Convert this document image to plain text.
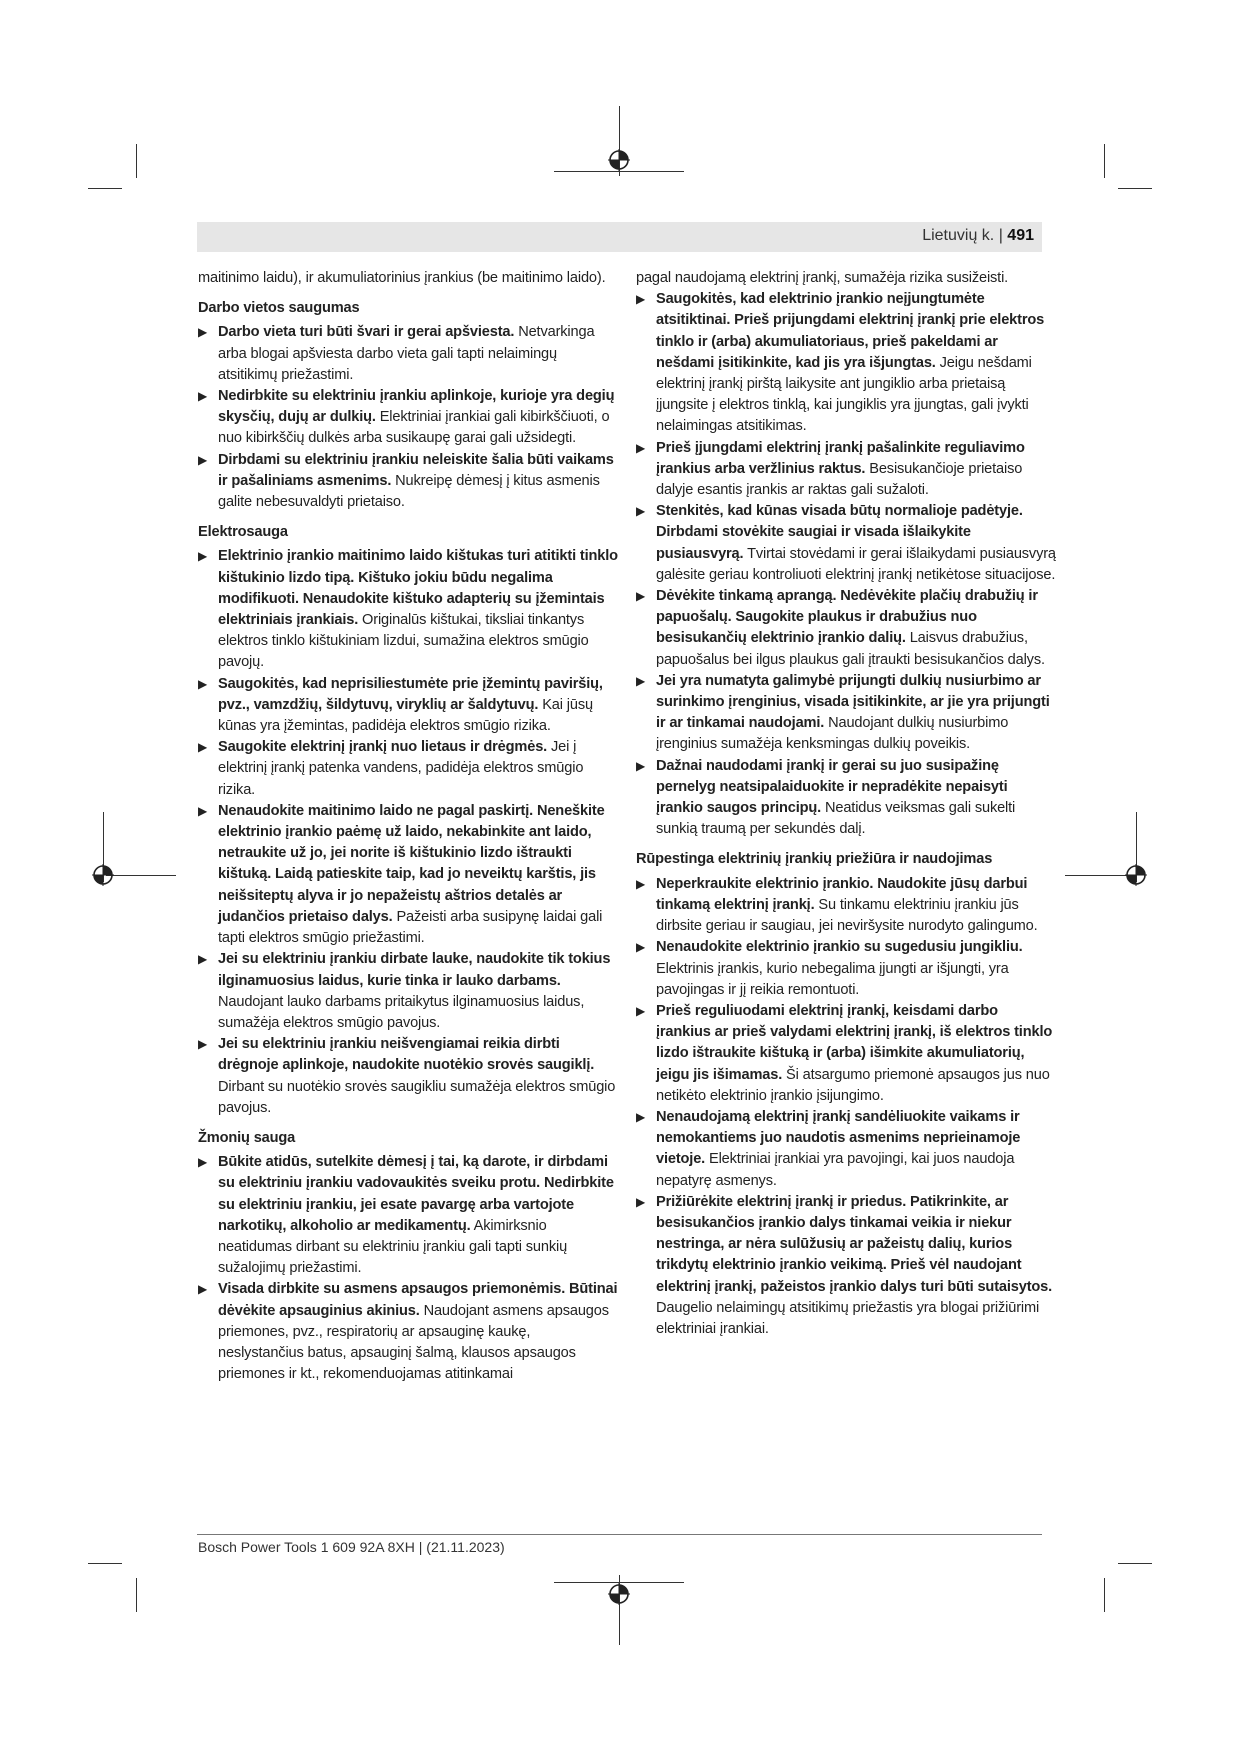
Lietuvių k. | 491

maitinimo laidu), ir akumuliatorinius įrankius (be maitinimo laido).

Darbo vietos saugumas

▶ Darbo vieta turi būti švari ir gerai apšviesta. Netvarkinga arba blogai apšviesta darbo vieta gali tapti nelaimingų atsitikimų priežastimi.

▶ Nedirbkite su elektriniu įrankiu aplinkoje, kurioje yra degių skysčių, dujų ar dulkių. Elektriniai įrankiai gali kibirkščiuoti, o nuo kibirkščių dulkės arba susikaupę garai gali užsidegti.

▶ Dirbdami su elektriniu įrankiu neleiskite šalia būti vaikams ir pašaliniams asmenims. Nukreipę dėmesį į kitus asmenis galite nebesuvaldyti prietaiso.

Elektrosauga

▶ Elektrinio įrankio maitinimo laido kištukas turi atitikti tinklo kištukinio lizdo tipą. Kištuko jokiu būdu negalima modifikuoti. Nenaudokite kištuko adapterių su įžemintais elektriniais įrankiais. Originalūs kištukai, tiksliai tinkantys elektros tinklo kištukiniam lizdui, sumažina elektros smūgio pavojų.

▶ Saugokitės, kad neprisiliestumėte prie įžemintų paviršių, pvz., vamzdžių, šildytuvų, viryklių ar šaldytuvų. Kai jūsų kūnas yra įžemintas, padidėja elektros smūgio rizika.

▶ Saugokite elektrinį įrankį nuo lietaus ir drėgmės. Jei į elektrinį įrankį patenka vandens, padidėja elektros smūgio rizika.

▶ Nenaudokite maitinimo laido ne pagal paskirtį. Neneškite elektrinio įrankio paėmę už laido, nekabinkite ant laido, netraukite už jo, jei norite iš kištukinio lizdo ištraukti kištuką. Laidą patieskite taip, kad jo neveiktų karštis, jis neišsiteptų alyva ir jo nepažeistų aštrios detalės ar judančios prietaiso dalys. Pažeisti arba susipynę laidai gali tapti elektros smūgio priežastimi.

▶ Jei su elektriniu įrankiu dirbate lauke, naudokite tik tokius ilginamuosius laidus, kurie tinka ir lauko darbams. Naudojant lauko darbams pritaikytus ilginamuosius laidus, sumažėja elektros smūgio pavojus.

▶ Jei su elektriniu įrankiu neišvengiamai reikia dirbti drėgnoje aplinkoje, naudokite nuotėkio srovės saugiklį. Dirbant su nuotėkio srovės saugikliu sumažėja elektros smūgio pavojus.

Žmonių sauga

▶ Būkite atidūs, sutelkite dėmesį į tai, ką darote, ir dirbdami su elektriniu įrankiu vadovaukitės sveiku protu. Nedirbkite su elektriniu įrankiu, jei esate pavargę arba vartojote narkotikų, alkoholio ar medikamentų. Akimirksnio neatidumas dirbant su elektriniu įrankiu gali tapti sunkių sužalojimų priežastimi.

▶ Visada dirbkite su asmens apsaugos priemonėmis. Būtinai dėvėkite apsauginius akinius. Naudojant asmens apsaugos priemones, pvz., respiratorių ar apsauginę kaukę, neslystančius batus, apsauginį šalmą, klausos apsaugos priemones ir kt., rekomenduojamas atitinkamai

pagal naudojamą elektrinį įrankį, sumažėja rizika susižeisti.

▶ Saugokitės, kad elektrinio įrankio neįjungtumėte atsitiktinai. Prieš prijungdami elektrinį įrankį prie elektros tinklo ir (arba) akumuliatoriaus, prieš pakeldami ar nešdami įsitikinkite, kad jis yra išjungtas. Jeigu nešdami elektrinį įrankį pirštą laikysite ant jungiklio arba prietaisą įjungsite į elektros tinklą, kai jungiklis yra įjungtas, gali įvykti nelaimingas atsitikimas.

▶ Prieš įjungdami elektrinį įrankį pašalinkite reguliavimo įrankius arba veržlinius raktus. Besisukančioje prietaiso dalyje esantis įrankis ar raktas gali sužaloti.

▶ Stenkitės, kad kūnas visada būtų normalioje padėtyje. Dirbdami stovėkite saugiai ir visada išlaikykite pusiausvyrą. Tvirtai stovėdami ir gerai išlaikydami pusiausvyrą galėsite geriau kontroliuoti elektrinį įrankį netikėtose situacijose.

▶ Dėvėkite tinkamą aprangą. Nedėvėkite plačių drabužių ir papuošalų. Saugokite plaukus ir drabužius nuo besisukančių elektrinio įrankio dalių. Laisvus drabužius, papuošalus bei ilgus plaukus gali įtraukti besisukančios dalys.

▶ Jei yra numatyta galimybė prijungti dulkių nusiurbimo ar surinkimo įrenginius, visada įsitikinkite, ar jie yra prijungti ir ar tinkamai naudojami. Naudojant dulkių nusiurbimo įrenginius sumažėja kenksmingas dulkių poveikis.

▶ Dažnai naudodami įrankį ir gerai su juo susipažinę pernelyg neatsipalaiduokite ir nepradėkite nepaisyti įrankio saugos principų. Neatidus veiksmas gali sukelti sunkią traumą per sekundės dalį.

Rūpestinga elektrinių įrankių priežiūra ir naudojimas

▶ Neperkraukite elektrinio įrankio. Naudokite jūsų darbui tinkamą elektrinį įrankį. Su tinkamu elektriniu įrankiu jūs dirbsite geriau ir saugiau, jei neviršysite nurodyto galingumo.

▶ Nenaudokite elektrinio įrankio su sugedusiu jungikliu. Elektrinis įrankis, kurio nebegalima įjungti ar išjungti, yra pavojingas ir jį reikia remontuoti.

▶ Prieš reguliuodami elektrinį įrankį, keisdami darbo įrankius ar prieš valydami elektrinį įrankį, iš elektros tinklo lizdo ištraukite kištuką ir (arba) išimkite akumuliatorių, jeigu jis išimamas. Ši atsargumo priemonė apsaugos jus nuo netikėto elektrinio įrankio įsijungimo.

▶ Nenaudojamą elektrinį įrankį sandėliuokite vaikams ir nemokantiems juo naudotis asmenims neprieinamoje vietoje. Elektriniai įrankiai yra pavojingi, kai juos naudoja nepatyrę asmenys.

▶ Prižiūrėkite elektrinį įrankį ir priedus. Patikrinkite, ar besisukančios įrankio dalys tinkamai veikia ir niekur nestringa, ar nėra sulūžusių ar pažeistų dalių, kurios trikdytų elektrinio įrankio veikimą. Prieš vėl naudojant elektrinį įrankį, pažeistos įrankio dalys turi būti sutaisytos. Daugelio nelaimingų atsitikimų priežastis yra blogai prižiūrimi elektriniai įrankiai.

Bosch Power Tools 1 609 92A 8XH | (21.11.2023)
